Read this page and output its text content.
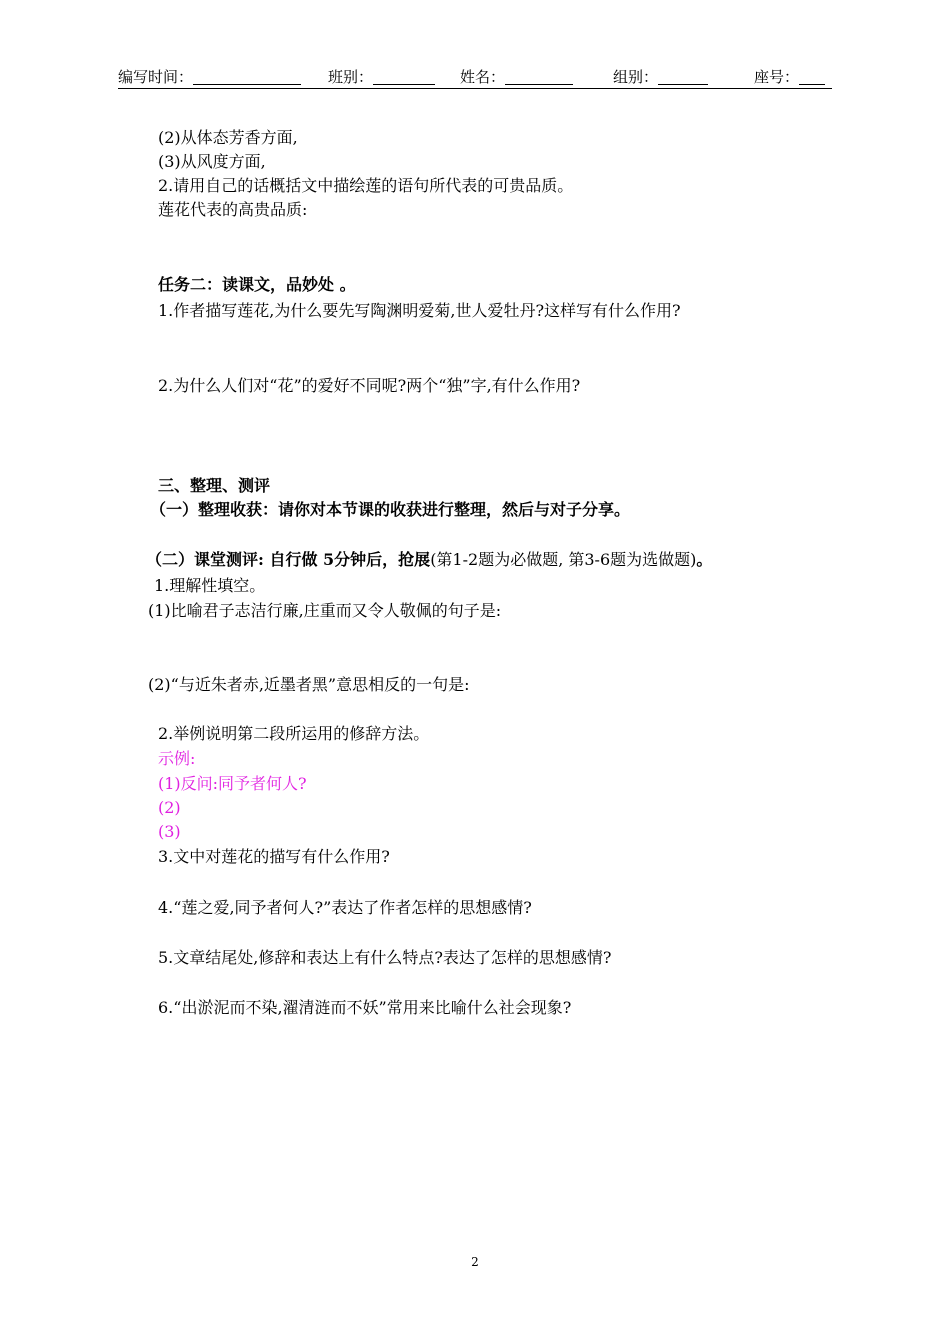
编写时间：	班别：	姓名：	组别：	座号：
(2)从体态芳香方面,
(3)从风度方面,
2.请用自己的话概括文中描绘莲的语句所代表的可贵品质。
莲花代表的高贵品质:
任务二：读课文，品妙处 。
1.作者描写莲花,为什么要先写陶渊明爱菊,世人爱牡丹?这样写有什么作用?
2.为什么人们对“花”的爱好不同呢?两个“独”字,有什么作用?
三、整理、测评
（一）整理收获：请你对本节课的收获进行整理，然后与对子分享。
（二）课堂测评: 自行做 5分钟后，抢展(第1-2题为必做题, 第3-6题为选做题)。
1.理解性填空。
(1)比喻君子志洁行廉,庄重而又令人敬佩的句子是:
(2)“与近朱者赤,近墨者黑”意思相反的一句是:
2.举例说明第二段所运用的修辞方法。
示例:
(1)反问:同予者何人?
(2)
(3)
3.文中对莲花的描写有什么作用?
4.“莲之爱,同予者何人?”表达了作者怎样的思想感情?
5.文章结尾处,修辞和表达上有什么特点?表达了怎样的思想感情?
6.“出淤泥而不染,濯清涟而不妖”常用来比喻什么社会现象?
2
